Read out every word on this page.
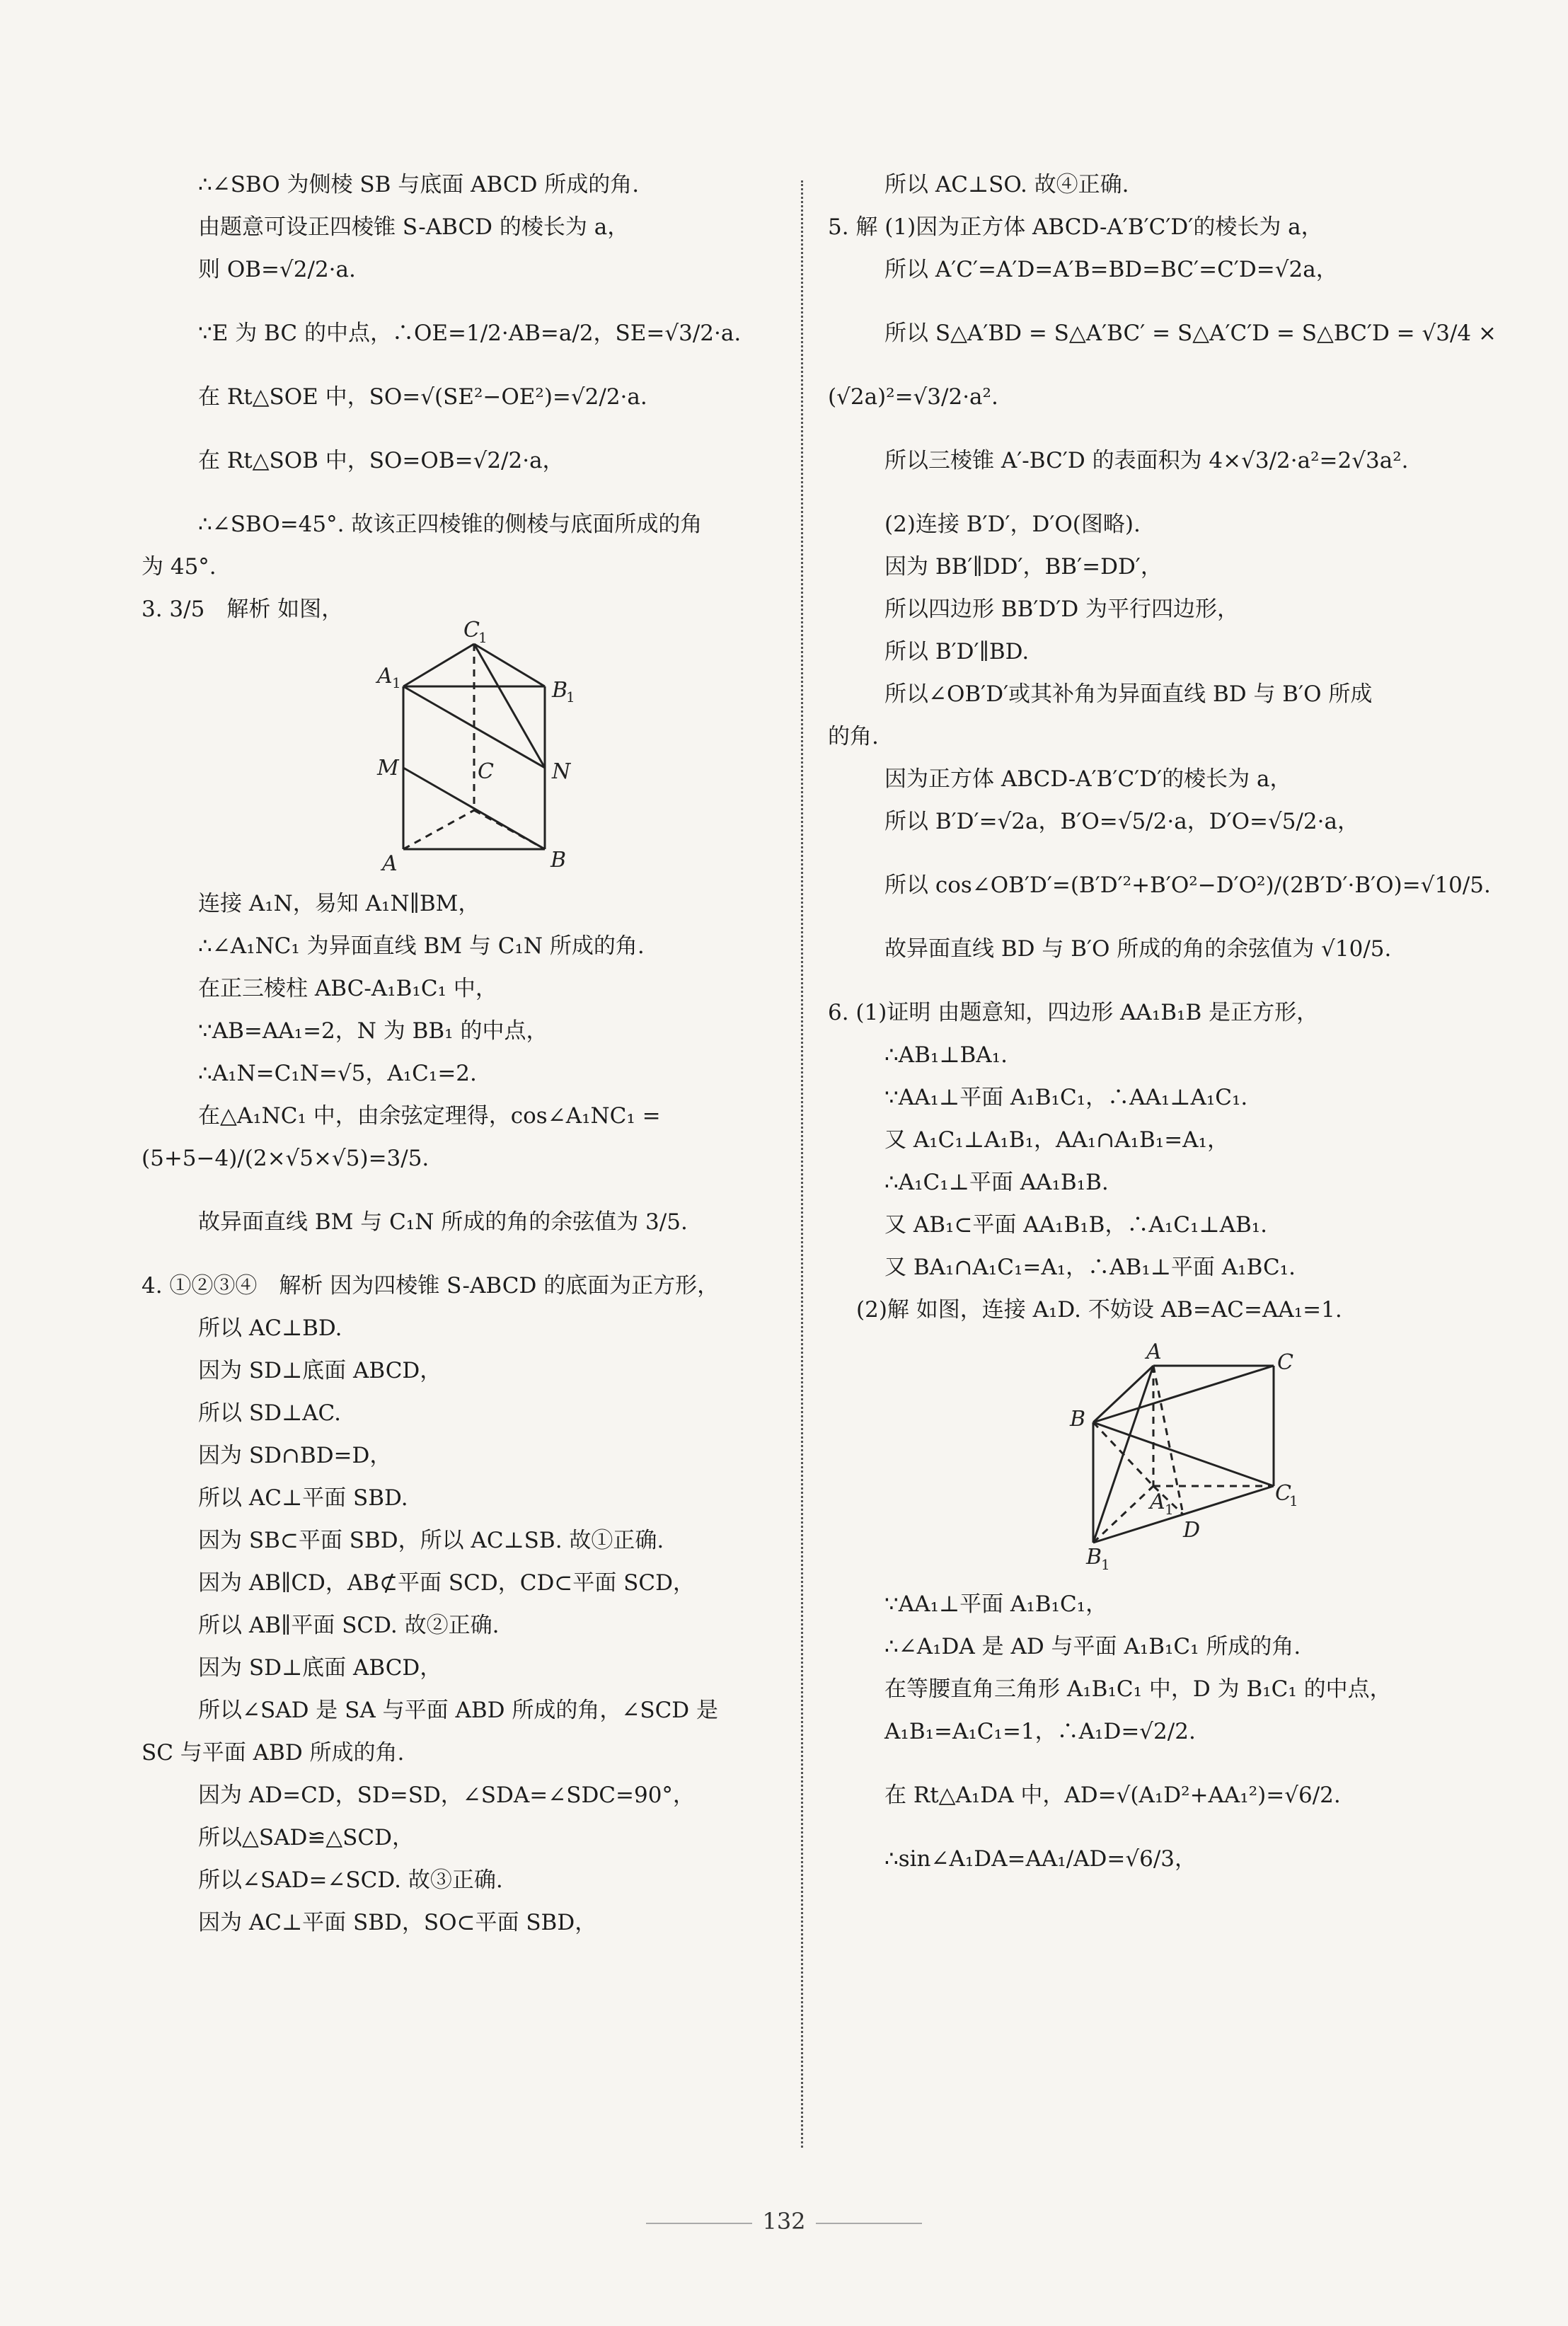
∴∠SBO 为侧棱 SB 与底面 ABCD 所成的角.
由题意可设正四棱锥 S-ABCD 的棱长为 a，
则 OB=√2/2·a.
∵E 为 BC 的中点，∴OE=1/2·AB=a/2，SE=√3/2·a.
在 Rt△SOE 中，SO=√(SE²−OE²)=√2/2·a.
在 Rt△SOB 中，SO=OB=√2/2·a，
∴∠SBO=45°. 故该正四棱锥的侧棱与底面所成的角
为 45°.
3. 3/5　解析 如图，
C
A
B
M	C	N
A	B
1
1
1
连接 A₁N，易知 A₁N∥BM，
∴∠A₁NC₁ 为异面直线 BM 与 C₁N 所成的角.
在正三棱柱 ABC-A₁B₁C₁ 中，
∵AB=AA₁=2，N 为 BB₁ 的中点，
∴A₁N=C₁N=√5，A₁C₁=2.
在△A₁NC₁ 中，由余弦定理得，cos∠A₁NC₁ =
(5+5−4)/(2×√5×√5)=3/5.
故异面直线 BM 与 C₁N 所成的角的余弦值为 3/5.
4. ①②③④　解析 因为四棱锥 S-ABCD 的底面为正方形，
所以 AC⊥BD.
因为 SD⊥底面 ABCD，
所以 SD⊥AC.
因为 SD∩BD=D，
所以 AC⊥平面 SBD.
因为 SB⊂平面 SBD，所以 AC⊥SB. 故①正确.
因为 AB∥CD，AB⊄平面 SCD，CD⊂平面 SCD，
所以 AB∥平面 SCD. 故②正确.
因为 SD⊥底面 ABCD，
所以∠SAD 是 SA 与平面 ABD 所成的角，∠SCD 是
SC 与平面 ABD 所成的角.
因为 AD=CD，SD=SD，∠SDA=∠SDC=90°，
所以△SAD≌△SCD，
所以∠SAD=∠SCD. 故③正确.
因为 AC⊥平面 SBD，SO⊂平面 SBD，
所以 AC⊥SO. 故④正确.
5. 解 (1)因为正方体 ABCD-A′B′C′D′的棱长为 a，
所以 A′C′=A′D=A′B=BD=BC′=C′D=√2a，
所以 S△A′BD = S△A′BC′ = S△A′C′D = S△BC′D = √3/4 ×
(√2a)²=√3/2·a².
所以三棱锥 A′-BC′D 的表面积为 4×√3/2·a²=2√3a².
(2)连接 B′D′，D′O(图略).
因为 BB′∥DD′，BB′=DD′，
所以四边形 BB′D′D 为平行四边形，
所以 B′D′∥BD.
所以∠OB′D′或其补角为异面直线 BD 与 B′O 所成
的角.
因为正方体 ABCD-A′B′C′D′的棱长为 a，
所以 B′D′=√2a，B′O=√5/2·a，D′O=√5/2·a，
所以 cos∠OB′D′=(B′D′²+B′O²−D′O²)/(2B′D′·B′O)=√10/5.
故异面直线 BD 与 B′O 所成的角的余弦值为 √10/5.
6. (1)证明 由题意知，四边形 AA₁B₁B 是正方形，
∴AB₁⊥BA₁.
∵AA₁⊥平面 A₁B₁C₁，∴AA₁⊥A₁C₁.
又 A₁C₁⊥A₁B₁，AA₁∩A₁B₁=A₁，
∴A₁C₁⊥平面 AA₁B₁B.
又 AB₁⊂平面 AA₁B₁B，∴A₁C₁⊥AB₁.
又 BA₁∩A₁C₁=A₁，∴AB₁⊥平面 A₁BC₁.
(2)解 如图，连接 A₁D. 不妨设 AB=AC=AA₁=1.
A	C
B
A	C
D
B
1	1
1
∵AA₁⊥平面 A₁B₁C₁，
∴∠A₁DA 是 AD 与平面 A₁B₁C₁ 所成的角.
在等腰直角三角形 A₁B₁C₁ 中，D 为 B₁C₁ 的中点，
A₁B₁=A₁C₁=1，∴A₁D=√2/2.
在 Rt△A₁DA 中，AD=√(A₁D²+AA₁²)=√6/2.
∴sin∠A₁DA=AA₁/AD=√6/3，
132
